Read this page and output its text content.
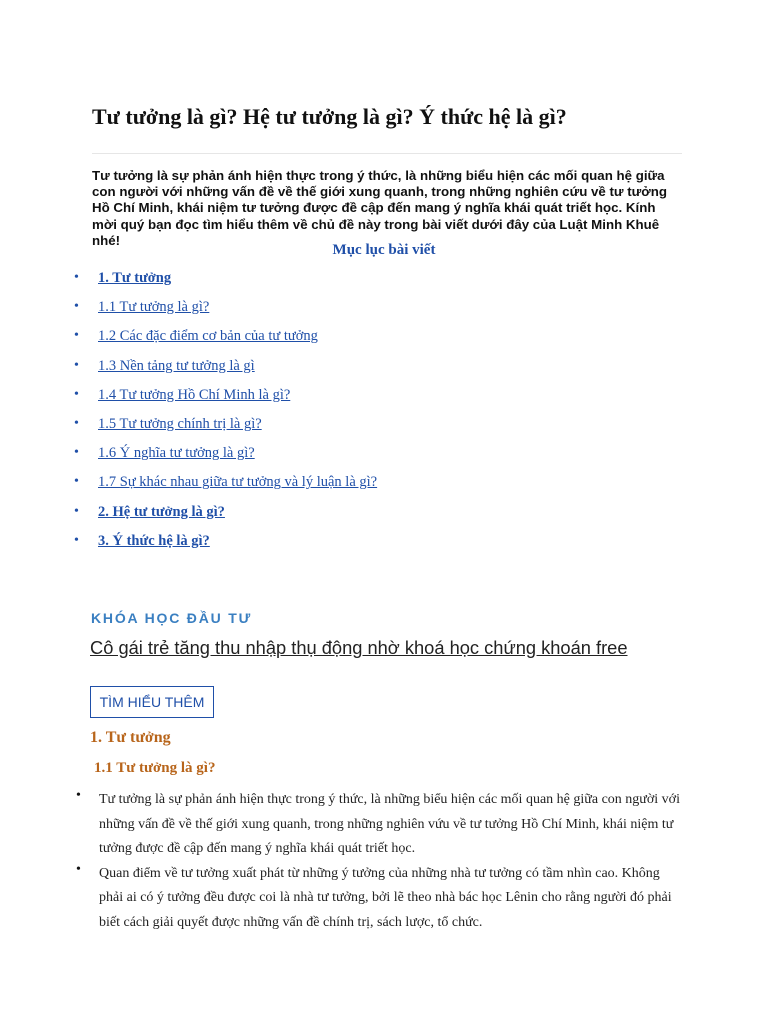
Tư tưởng là gì? Hệ tư tưởng là gì? Ý thức hệ là gì?

Tư tưởng là sự phản ánh hiện thực trong ý thức, là những biểu hiện các mối quan hệ giữa con người với những vấn đề về thế giới xung quanh, trong những nghiên cứu về tư tưởng Hồ Chí Minh, khái niệm tư tưởng được đề cập đến mang ý nghĩa khái quát triết học. Kính mời quý bạn đọc tìm hiểu thêm về chủ đề này trong bài viết dưới đây của Luật Minh Khuê nhé!

Mục lục bài viết
•	1. Tư tưởng
•	1.1 Tư tưởng là gì?
•	1.2 Các đặc điểm cơ bản của tư tưởng
•	1.3 Nền tảng tư tưởng là gì
•	1.4 Tư tưởng Hồ Chí Minh là gì?
•	1.5 Tư tưởng chính trị là gì?
•	1.6 Ý nghĩa tư tưởng là gì?
•	1.7 Sự khác nhau giữa tư tưởng và lý luận là gì?
•	2. Hệ tư tưởng là gì?
•	3. Ý thức hệ là gì?
KHÓA HỌC ĐẦU TƯ
Cô gái trẻ tăng thu nhập thụ động nhờ khoá học chứng khoán free
TÌM HIỂU THÊM
1. Tư tưởng
1.1 Tư tưởng là gì?
• Tư tưởng là sự phản ánh hiện thực trong ý thức, là những biểu hiện các mối quan hệ giữa con người với những vấn đề về thế giới xung quanh, trong những nghiên vứu về tư tưởng Hồ Chí Minh, khái niệm tư tưởng được đề cập đến mang ý nghĩa khái quát triết học.
• Quan điểm về tư tưởng xuất phát từ những ý tưởng của những nhà tư tưởng có tầm nhìn cao. Không phải ai có ý tưởng đều được coi là nhà tư tưởng, bởi lẽ theo nhà bác học Lênin cho rằng người đó phải biết cách giải quyết được những vấn đề chính trị, sách lược, tổ chức.
